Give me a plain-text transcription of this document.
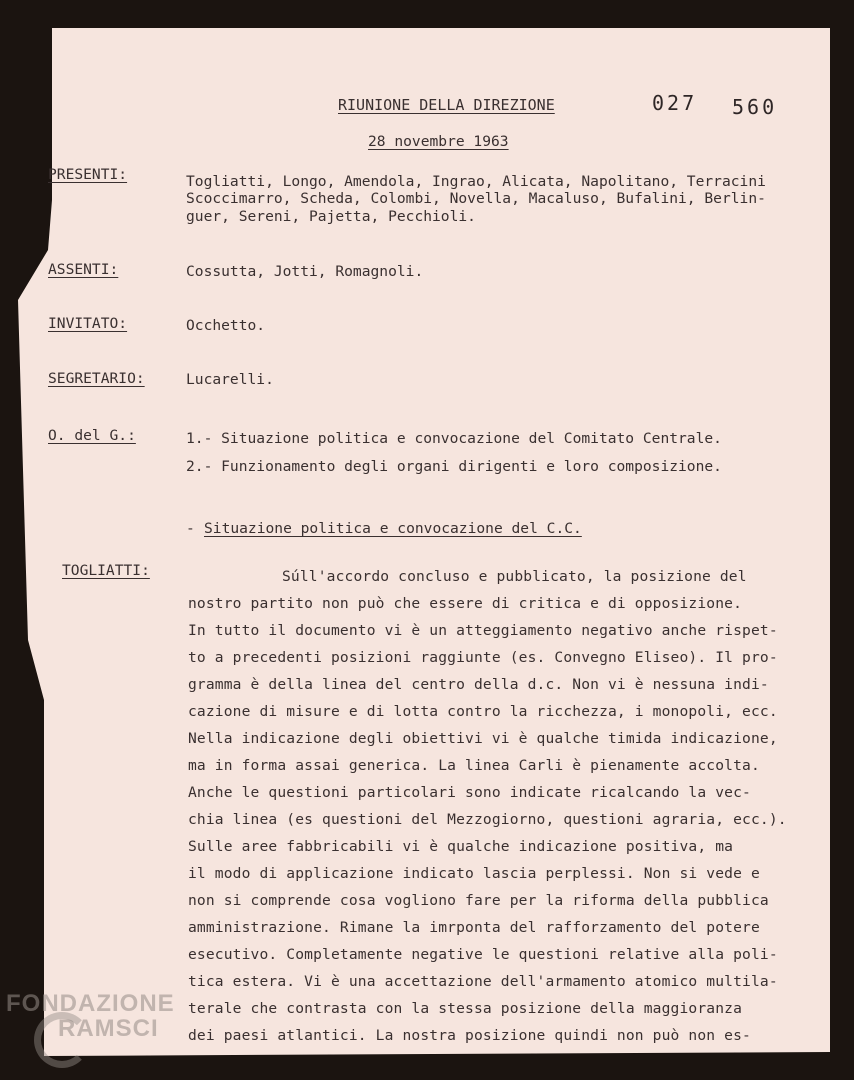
RIUNIONE DELLA DIREZIONE	027 560
28 novembre 1963
PRESENTI:	Togliatti, Longo, Amendola, Ingrao, Alicata, Napolitano, Terracini
Scoccimarro, Scheda, Colombi, Novella, Macaluso, Bufalini, Berlin-
guer, Sereni, Pajetta, Pecchioli.
ASSENTI:	Cossutta, Jotti, Romagnoli.
INVITATO:	Occhetto.
SEGRETARIO:	Lucarelli.
O. del G.:	1.- Situazione politica e convocazione del Comitato Centrale.
2.- Funzionamento degli organi dirigenti e loro composizione.
- Situazione politica e convocazione del C.C.
TOGLIATTI:	Súll'accordo concluso e pubblicato, la posizione del
nostro partito non può che essere di critica e di opposizione.
In tutto il documento vi è un atteggiamento negativo anche rispet-
to a precedenti posizioni raggiunte (es. Convegno Eliseo). Il pro-
gramma è della linea del centro della d.c. Non vi è nessuna indi-
cazione di misure e di lotta contro la ricchezza, i monopoli, ecc.
Nella indicazione degli obiettivi vi è qualche timida indicazione,
ma in forma assai generica. La linea Carli è pienamente accolta.
Anche le questioni particolari sono indicate ricalcando la vec-
chia linea (es questioni del Mezzogiorno, questioni agraria, ecc.).
Sulle aree fabbricabili vi è qualche indicazione positiva, ma
il modo di applicazione indicato lascia perplessi. Non si vede e
non si comprende cosa vogliono fare per la riforma della pubblica
amministrazione. Rimane la imrponta del rafforzamento del potere
esecutivo. Completamente negative le questioni relative alla poli-
tica estera. Vi è una accettazione dell'armamento atomico multila-
terale che contrasta con la stessa posizione della maggioranza
dei paesi atlantici. La nostra posizione quindi non può non es-
FONDAZIONE
RAMSCI
